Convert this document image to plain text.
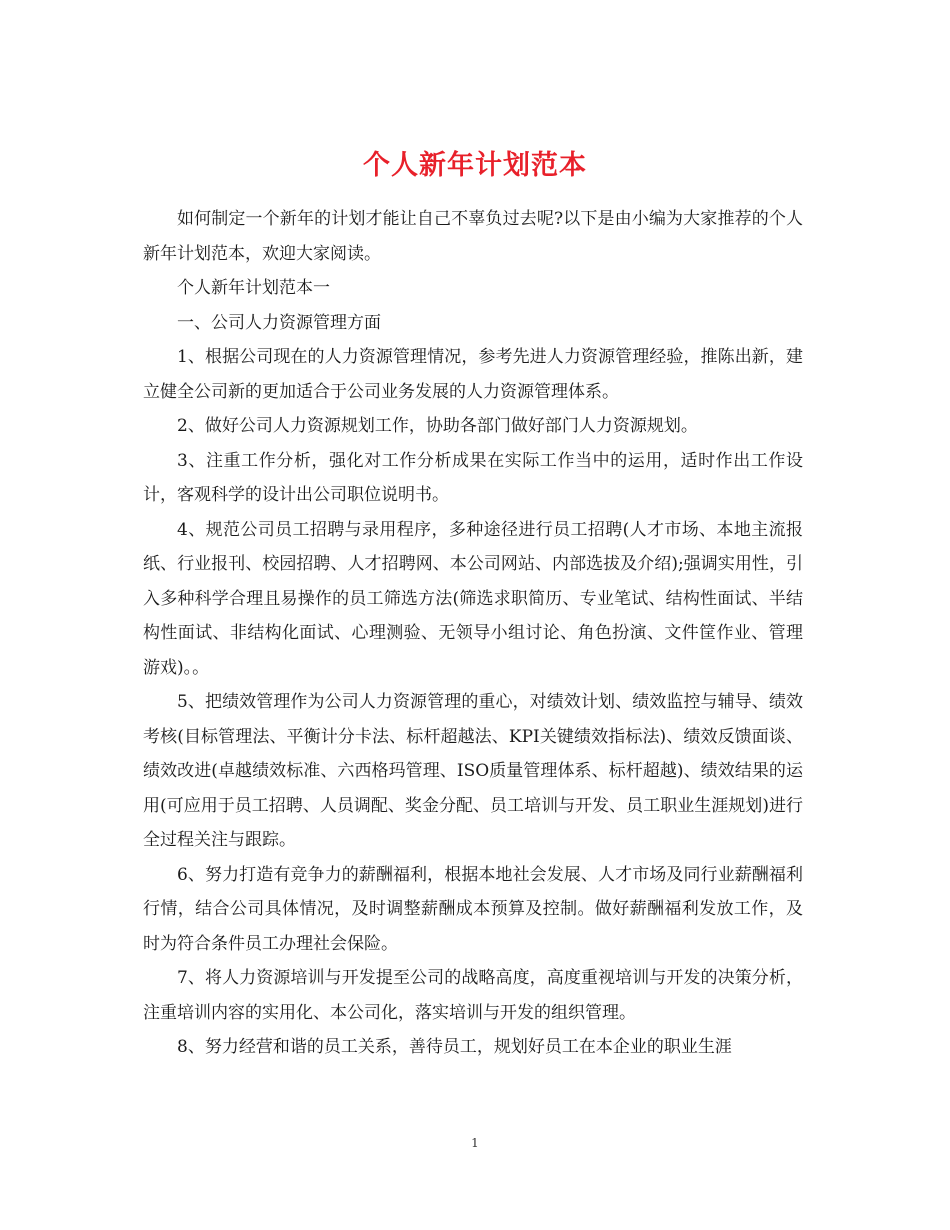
个人新年计划范本

如何制定一个新年的计划才能让自己不辜负过去呢?以下是由小编为大家推荐的个人新年计划范本，欢迎大家阅读。

个人新年计划范本一

一、公司人力资源管理方面

1、根据公司现在的人力资源管理情况，参考先进人力资源管理经验，推陈出新，建立健全公司新的更加适合于公司业务发展的人力资源管理体系。

2、做好公司人力资源规划工作，协助各部门做好部门人力资源规划。

3、注重工作分析，强化对工作分析成果在实际工作当中的运用，适时作出工作设计，客观科学的设计出公司职位说明书。

4、规范公司员工招聘与录用程序，多种途径进行员工招聘(人才市场、本地主流报纸、行业报刊、校园招聘、人才招聘网、本公司网站、内部选拔及介绍);强调实用性，引入多种科学合理且易操作的员工筛选方法(筛选求职简历、专业笔试、结构性面试、半结构性面试、非结构化面试、心理测验、无领导小组讨论、角色扮演、文件筐作业、管理游戏)。。

5、把绩效管理作为公司人力资源管理的重心，对绩效计划、绩效监控与辅导、绩效考核(目标管理法、平衡计分卡法、标杆超越法、KPI关键绩效指标法)、绩效反馈面谈、绩效改进(卓越绩效标准、六西格玛管理、ISO质量管理体系、标杆超越)、绩效结果的运用(可应用于员工招聘、人员调配、奖金分配、员工培训与开发、员工职业生涯规划)进行全过程关注与跟踪。

6、努力打造有竞争力的薪酬福利，根据本地社会发展、人才市场及同行业薪酬福利行情，结合公司具体情况，及时调整薪酬成本预算及控制。做好薪酬福利发放工作，及时为符合条件员工办理社会保险。

7、将人力资源培训与开发提至公司的战略高度，高度重视培训与开发的决策分析，注重培训内容的实用化、本公司化，落实培训与开发的组织管理。

8、努力经营和谐的员工关系，善待员工，规划好员工在本企业的职业生涯

1
